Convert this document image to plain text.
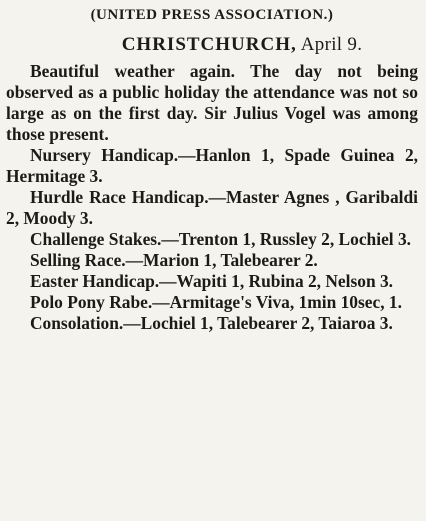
(UNITED PRESS ASSOCIATION.)
CHRISTCHURCH, April 9.

Beautiful weather again. The day not being observed as a public holiday the attendance was not so large as on the first day. Sir Julius Vogel was among those present.

Nursery Handicap.—Hanlon 1, Spade Guinea 2, Hermitage 3.

Hurdle Race Handicap.—Master Agnes , Garibaldi 2, Moody 3.

Challenge Stakes.—Trenton 1, Russley 2, Lochiel 3.

Selling Race.—Marion 1, Talebearer 2.

Easter Handicap.—Wapiti 1, Rubina 2, Nelson 3.

Polo Pony Rabe.—Armitage's Viva, 1min 10sec, 1.

Consolation.—Lochiel 1, Talebearer 2, Taiaroa 3.
